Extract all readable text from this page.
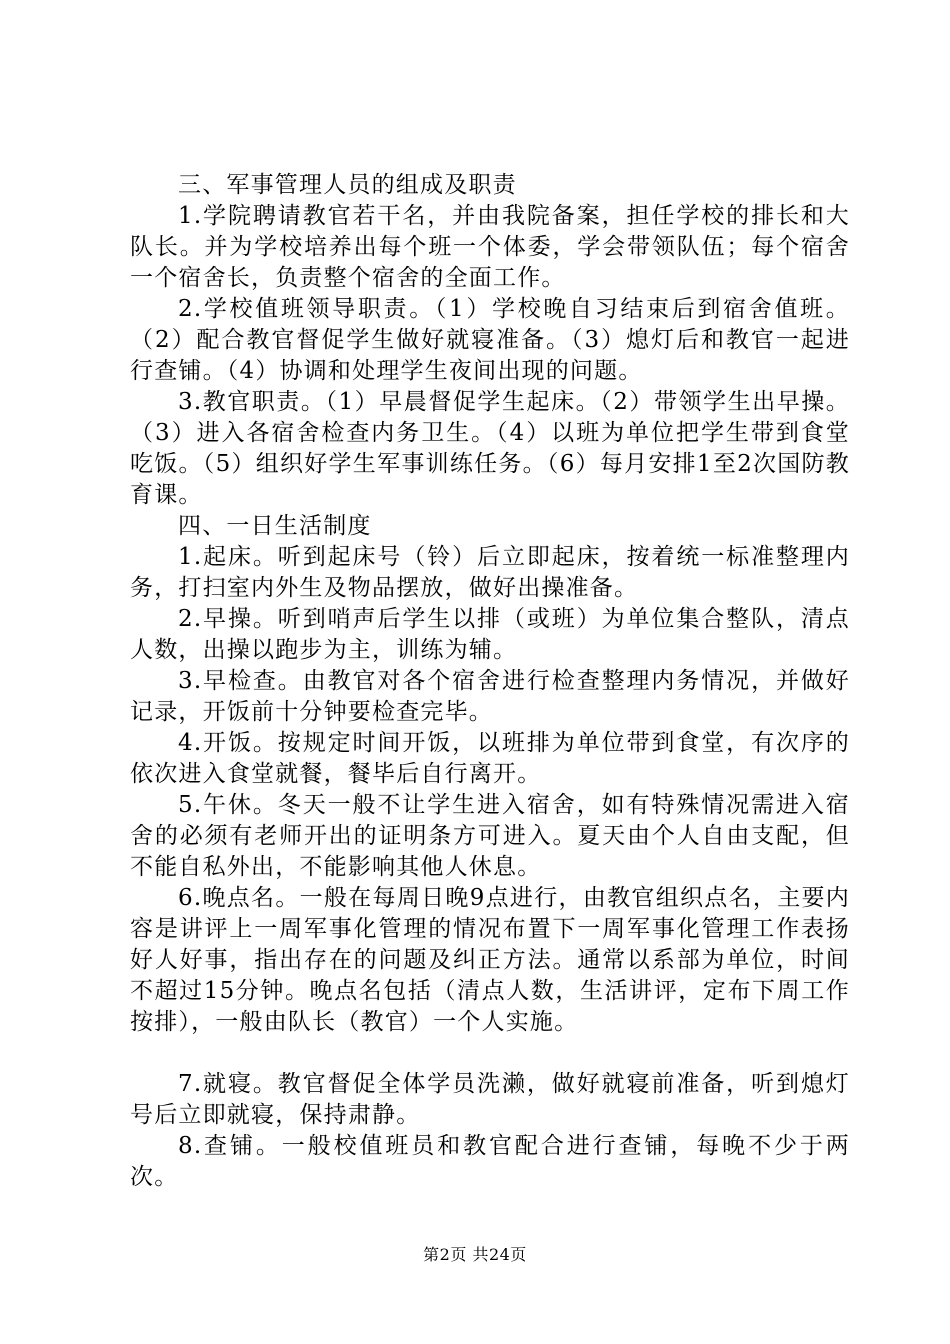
三、军事管理人员的组成及职责

1.学院聘请教官若干名，并由我院备案，担任学校的排长和大队长。并为学校培养出每个班一个体委，学会带领队伍；每个宿舍一个宿舍长，负责整个宿舍的全面工作。

2.学校值班领导职责。（1）学校晚自习结束后到宿舍值班。（2）配合教官督促学生做好就寝准备。（3）熄灯后和教官一起进行查铺。（4）协调和处理学生夜间出现的问题。

3.教官职责。（1）早晨督促学生起床。（2）带领学生出早操。（3）进入各宿舍检查内务卫生。（4）以班为单位把学生带到食堂吃饭。（5）组织好学生军事训练任务。（6）每月安排1至2次国防教育课。

四、一日生活制度

1.起床。听到起床号（铃）后立即起床，按着统一标准整理内务，打扫室内外生及物品摆放，做好出操准备。

2.早操。听到哨声后学生以排（或班）为单位集合整队，清点人数，出操以跑步为主，训练为辅。

3.早检查。由教官对各个宿舍进行检查整理内务情况，并做好记录，开饭前十分钟要检查完毕。

4.开饭。按规定时间开饭，以班排为单位带到食堂，有次序的依次进入食堂就餐，餐毕后自行离开。

5.午休。冬天一般不让学生进入宿舍，如有特殊情况需进入宿舍的必须有老师开出的证明条方可进入。夏天由个人自由支配，但不能自私外出，不能影响其他人休息。

6.晚点名。一般在每周日晚9点进行，由教官组织点名，主要内容是讲评上一周军事化管理的情况布置下一周军事化管理工作表扬好人好事，指出存在的问题及纠正方法。通常以系部为单位，时间不超过15分钟。晚点名包括（清点人数，生活讲评，定布下周工作按排），一般由队长（教官）一个人实施。

7.就寝。教官督促全体学员洗濑，做好就寝前准备，听到熄灯号后立即就寝，保持肃静。

8.查铺。一般校值班员和教官配合进行查铺，每晚不少于两次。

第2页 共24页
